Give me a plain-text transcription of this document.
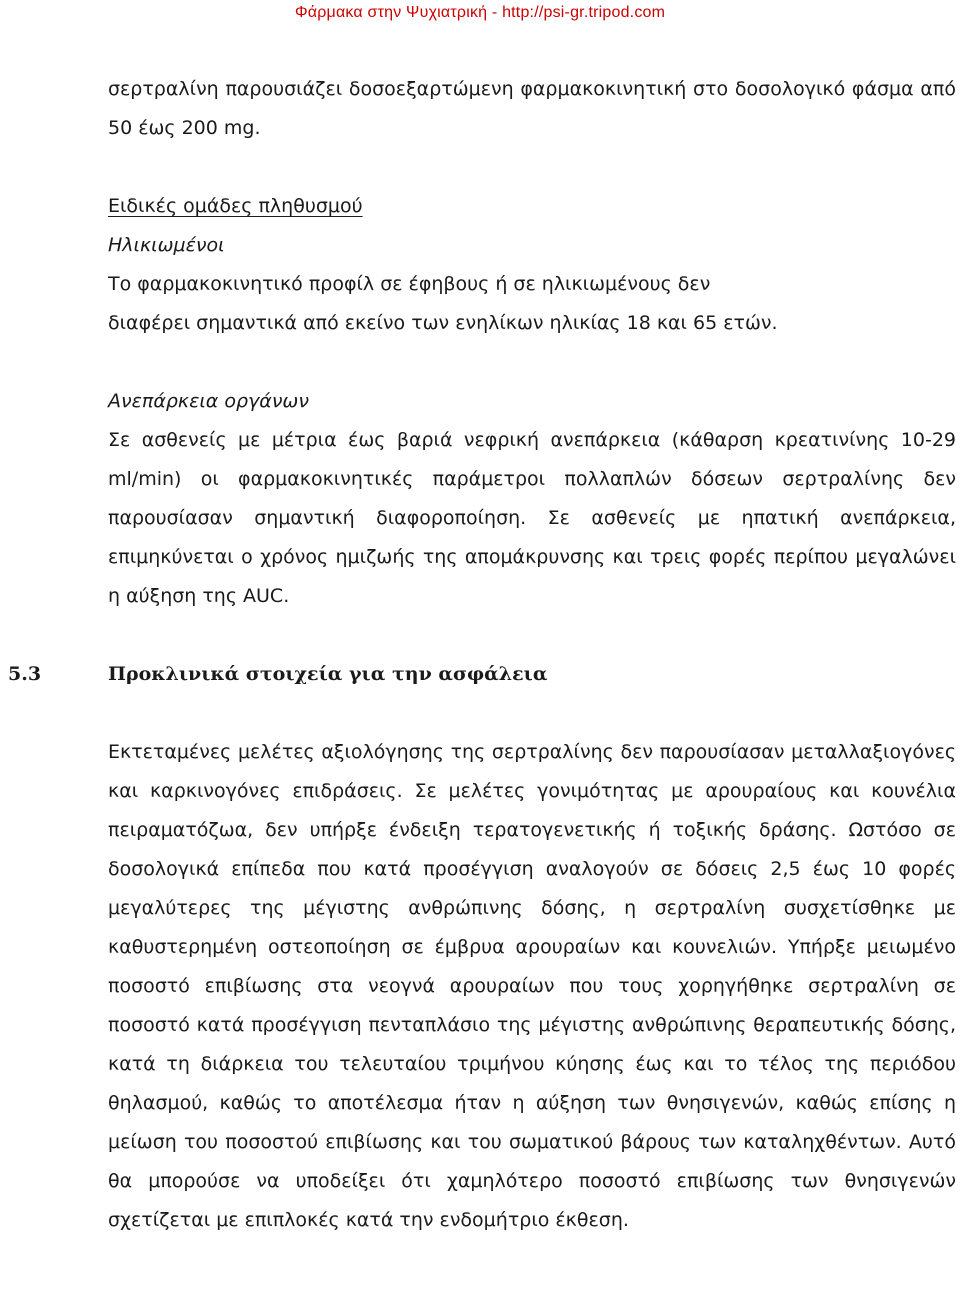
Φάρμακα στην Ψυχιατρική - http://psi-gr.tripod.com

σερτραλίνη παρουσιάζει δοσοεξαρτώμενη φαρμακοκινητική στο δοσολογικό φάσμα από 50 έως 200 mg.

Ειδικές ομάδες πληθυσμού

Ηλικιωμένοι

Το φαρμακοκινητικό προφίλ σε έφηβους ή σε ηλικιωμένους δεν διαφέρει σημαντικά από εκείνο των ενηλίκων ηλικίας 18 και 65 ετών.

Ανεπάρκεια οργάνων

Σε ασθενείς με μέτρια έως βαριά νεφρική ανεπάρκεια (κάθαρση κρεατινίνης 10-29 ml/min) οι φαρμακοκινητικές παράμετροι πολλαπλών δόσεων σερτραλίνης δεν παρουσίασαν σημαντική διαφοροποίηση. Σε ασθενείς με ηπατική ανεπάρκεια, επιμηκύνεται ο χρόνος ημιζωής της απομάκρυνσης και τρεις φορές περίπου μεγαλώνει η αύξηση της AUC.

5.3	Προκλινικά στοιχεία για την ασφάλεια

Εκτεταμένες μελέτες αξιολόγησης της σερτραλίνης δεν παρουσίασαν μεταλλαξιογόνες και καρκινογόνες επιδράσεις. Σε μελέτες γονιμότητας με αρουραίους και κουνέλια πειραματόζωα, δεν υπήρξε ένδειξη τερατογενετικής ή τοξικής δράσης. Ωστόσο σε δοσολογικά επίπεδα που κατά προσέγγιση αναλογούν σε δόσεις 2,5 έως 10 φορές μεγαλύτερες της μέγιστης ανθρώπινης δόσης, η σερτραλίνη συσχετίσθηκε με καθυστερημένη οστεοποίηση σε έμβρυα αρουραίων και κουνελιών. Υπήρξε μειωμένο ποσοστό επιβίωσης στα νεογνά αρουραίων που τους χορηγήθηκε σερτραλίνη σε ποσοστό κατά προσέγγιση πενταπλάσιο της μέγιστης ανθρώπινης θεραπευτικής δόσης, κατά τη διάρκεια του τελευταίου τριμήνου κύησης έως και το τέλος της περιόδου θηλασμού, καθώς το αποτέλεσμα ήταν η αύξηση των θνησιγενών, καθώς επίσης η μείωση του ποσοστού επιβίωσης και του σωματικού βάρους των καταληχθέντων. Αυτό θα μπορούσε να υποδείξει ότι χαμηλότερο ποσοστό επιβίωσης των θνησιγενών σχετίζεται με επιπλοκές κατά την ενδομήτριο έκθεση.
